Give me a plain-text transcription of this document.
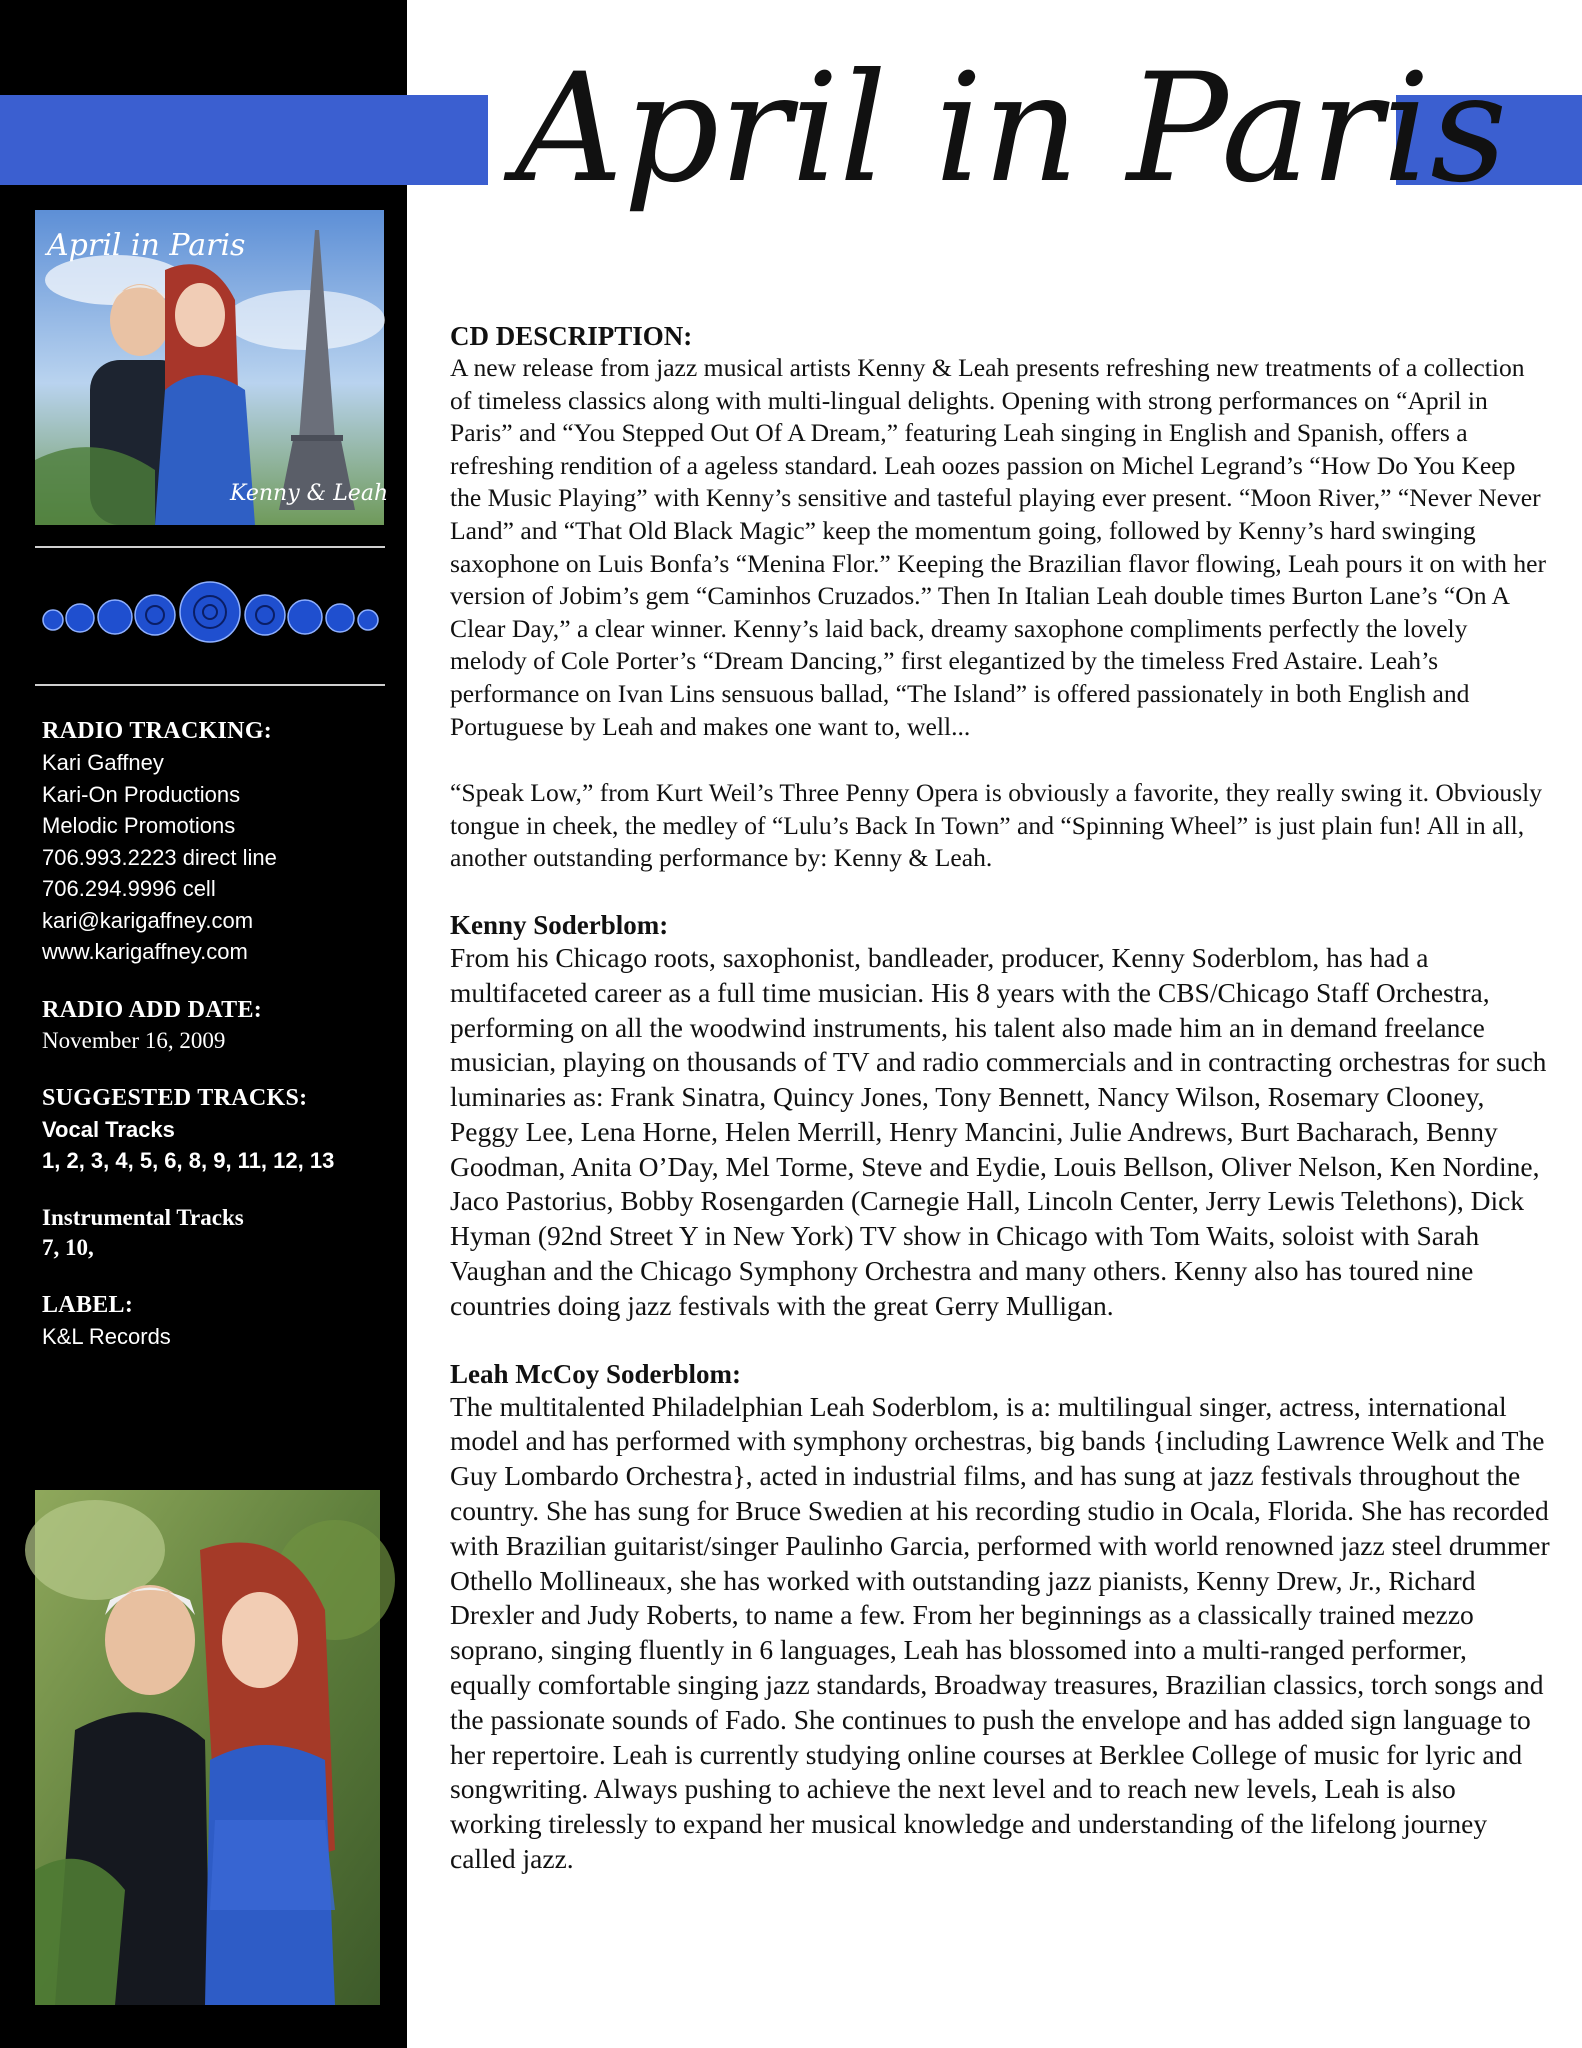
April in Paris
April in Paris
Kenny & Leah

RADIO TRACKING:

Kari Gaffney

Kari-On Productions

Melodic Promotions

706.993.2223 direct line

706.294.9996 cell

kari@karigaffney.com

www.karigaffney.com

RADIO ADD DATE:

November 16, 2009

SUGGESTED TRACKS:

Vocal Tracks

1, 2, 3, 4, 5, 6, 8, 9, 11, 12, 13

Instrumental Tracks

7, 10,

LABEL:

K&L Records

CD DESCRIPTION:

A new release from jazz musical artists Kenny & Leah presents refreshing new treatments of a collection of timeless classics along with multi-lingual delights. Opening with strong performances on “April in Paris” and “You Stepped Out Of A Dream,” featuring Leah singing in English and Spanish, offers a refreshing rendition of a ageless standard. Leah oozes passion on Michel Legrand’s “How Do You Keep the Music Playing” with Kenny’s sensitive and tasteful playing ever present. “Moon River,” “Never Never Land” and “That Old Black Magic” keep the momentum going, followed by Kenny’s hard swinging saxophone on Luis Bonfa’s “Menina Flor.” Keeping the Brazilian flavor flowing, Leah pours it on with her version of Jobim’s gem “Caminhos Cruzados.” Then In Italian Leah double times Burton Lane’s “On A Clear Day,” a clear winner. Kenny’s laid back, dreamy saxophone compliments perfectly the lovely melody of Cole Porter’s “Dream Dancing,” first elegantized by the timeless Fred Astaire. Leah’s performance on Ivan Lins sensuous ballad, “The Island” is offered passionately in both English and Portuguese by Leah and makes one want to, well...

“Speak Low,” from Kurt Weil’s Three Penny Opera is obviously a favorite, they really swing it. Obviously tongue in cheek, the medley of “Lulu’s Back In Town” and “Spinning Wheel” is just plain fun! All in all, another outstanding performance by: Kenny & Leah.

Kenny Soderblom:

From his Chicago roots, saxophonist, bandleader, producer, Kenny Soderblom, has had a multifaceted career as a full time musician. His 8 years with the CBS/Chicago Staff Orchestra, performing on all the woodwind instruments, his talent also made him an in demand freelance musician, playing on thousands of TV and radio commercials and in contracting orchestras for such luminaries as: Frank Sinatra, Quincy Jones, Tony Bennett, Nancy Wilson, Rosemary Clooney, Peggy Lee, Lena Horne, Helen Merrill, Henry Mancini, Julie Andrews, Burt Bacharach, Benny Goodman, Anita O’Day, Mel Torme, Steve and Eydie, Louis Bellson, Oliver Nelson, Ken Nordine, Jaco Pastorius, Bobby Rosengarden (Carnegie Hall, Lincoln Center, Jerry Lewis Telethons), Dick Hyman (92nd Street Y in New York) TV show in Chicago with Tom Waits, soloist with Sarah Vaughan and the Chicago Symphony Orchestra and many others. Kenny also has toured nine countries doing jazz festivals with the great Gerry Mulligan.

Leah McCoy Soderblom:

The multitalented Philadelphian Leah Soderblom, is a: multilingual singer, actress, international model and has performed with symphony orchestras, big bands {including Lawrence Welk and The Guy Lombardo Orchestra}, acted in industrial films, and has sung at jazz festivals throughout the country. She has sung for Bruce Swedien at his recording studio in Ocala, Florida. She has recorded with Brazilian guitarist/singer Paulinho Garcia, performed with world renowned jazz steel drummer Othello Mollineaux, she has worked with outstanding jazz pianists, Kenny Drew, Jr., Richard Drexler and Judy Roberts, to name a few. From her beginnings as a classically trained mezzo soprano, singing fluently in 6 languages, Leah has blossomed into a multi-ranged performer, equally comfortable singing jazz standards, Broadway treasures, Brazilian classics, torch songs and the passionate sounds of Fado. She continues to push the envelope and has added sign language to her repertoire. Leah is currently studying online courses at Berklee College of music for lyric and songwriting. Always pushing to achieve the next level and to reach new levels, Leah is also working tirelessly to expand her musical knowledge and understanding of the lifelong journey called jazz.
